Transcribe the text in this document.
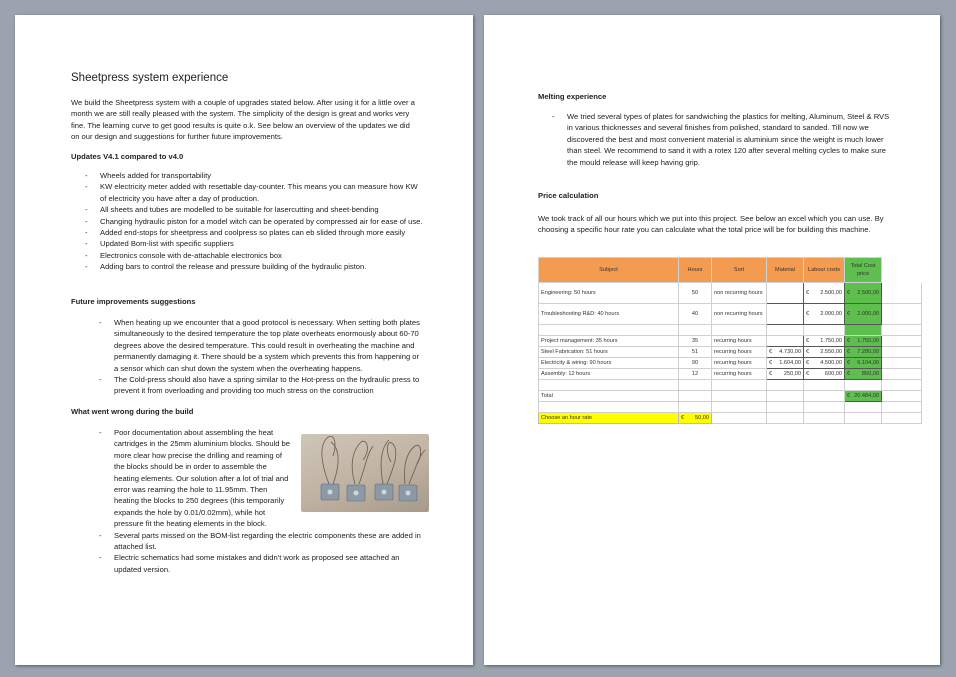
Sheetpress system experience
We build the Sheetpress system with a couple of upgrades stated below. After using it for a little over a month we are still really pleased with the system. The simplicity of the design is great and works very fine. The learning curve to get good results is quite o.k. See below an overview of the updates we did on our design and suggestions for further future improvements.
Updates V4.1 compared to v4.0
- Wheels added for transportability
- KW electricity meter added with resettable day-counter. This means you can measure how KW of electricity you have after a day of production.
- All sheets and tubes are modelled to be suitable for lasercutting and sheet-bending
- Changing hydraulic piston for a model witch can be operated by compressed air for ease of use.
- Added end-stops for sheetpress and coolpress so plates can eb slided through more easily
- Updated Bom-list with specific suppliers
- Electronics console with de-attachable electronics box
- Adding bars to control the release and pressure building of the hydraulic piston.
Future improvements suggestions
- When heating up we encounter that a good protocol is necessary. When setting both plates simultaneously to the desired temperature the top plate overheats enormously about 60-70 degrees above the desired temperature. This could result in overheating the machine and permanently damaging it. There should be a system which prevents this from happening or a sensor which can shut down the system when the overheating happens.
- The Cold-press should also have a spring similar to the Hot-press on the hydraulic press to prevent it from overloading and providing too much stress on the construction
What went wrong during the build
- Poor documentation about assembling the heat cartridges in the 25mm aluminium blocks. Should be more clear how precise the drilling and reaming of the blocks should be in order to assemble the heating elements. Our solution after a lot of trial and error was reaming the hole to 11.95mm. Then heating the blocks to 250 degrees (this temporarily expands the hole by 0.01/0.02mm), while hot pressure fit the heating elements in the block.
- Several parts missed on the BOM-list regarding the electric components these are added in attached list.
- Electric schematics had some mistakes and didn't work as proposed see attached an updated version.
Melting experience
- We tried several types of plates for sandwiching the plastics for melting, Aluminum, Steel & RVS in various thicknesses and several finishes from polished, standard to sanded. Till now we discovered the best and most convenient material is aluminium since the weight is much lower than steel. We recommend to sand it with a rotex 120 after several melting cycles to make sure the mould release will keep having grip.
Price calculation
We took track of all our hours which we put into this project. See below an excel which you can use. By choosing a specific hour rate you can calculate what the total price will be for building this machine.
Subject	Hours	Sort	Material	Labour costs	Total Cost price	
Engineering: 50 hours	50	non recurring hours		€ 2.500,00	€ 2.500,00	

Troubleshooting R&D: 40 hours	40	non recurring hours		€ 2.000,00	€ 2.000,00	

Project management: 35 hours	35	recurring hours		€ 1.750,00	€ 1.750,00	

Steel Fabrication: 51 hours	51	recurring hours	€ 4.730,00	€ 2.550,00	€ 7.280,00	

Electricity & wiring: 90 hours	90	recurring hours	€ 1.604,00	€ 4.500,00	€ 6.104,00	

Assembly: 12 hours	12	recurring hours	€ 250,00	€ 600,00	€ 850,00	

Total					€ 20.484,00	

Choose an hour rate	€ 50,00					
